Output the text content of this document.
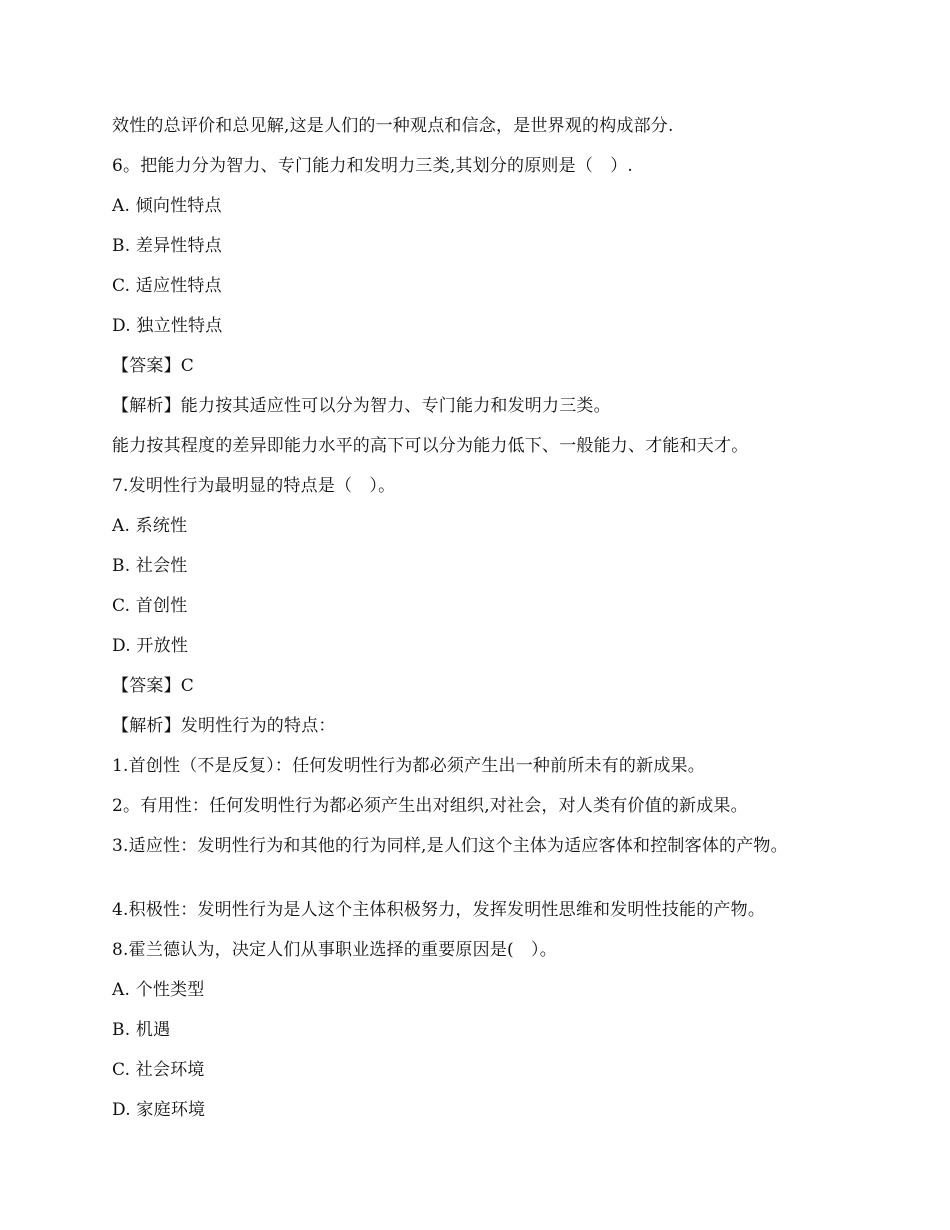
效性的总评价和总见解,这是人们的一种观点和信念，是世界观的构成部分.
6。把能力分为智力、专门能力和发明力三类,其划分的原则是（　）.
A. 倾向性特点
B. 差异性特点
C. 适应性特点
D. 独立性特点
【答案】C
【解析】能力按其适应性可以分为智力、专门能力和发明力三类。
能力按其程度的差异即能力水平的高下可以分为能力低下、一般能力、才能和天才。
7.发明性行为最明显的特点是（　）。
A. 系统性
B. 社会性
C. 首创性
D. 开放性
【答案】C
【解析】发明性行为的特点：
1.首创性（不是反复）：任何发明性行为都必须产生出一种前所未有的新成果。
2。有用性：任何发明性行为都必须产生出对组织,对社会，对人类有价值的新成果。
3.适应性：发明性行为和其他的行为同样,是人们这个主体为适应客体和控制客体的产物。
4.积极性：发明性行为是人这个主体积极努力，发挥发明性思维和发明性技能的产物。
8.霍兰德认为，决定人们从事职业选择的重要原因是(　）。
A. 个性类型
B. 机遇
C. 社会环境
D. 家庭环境
